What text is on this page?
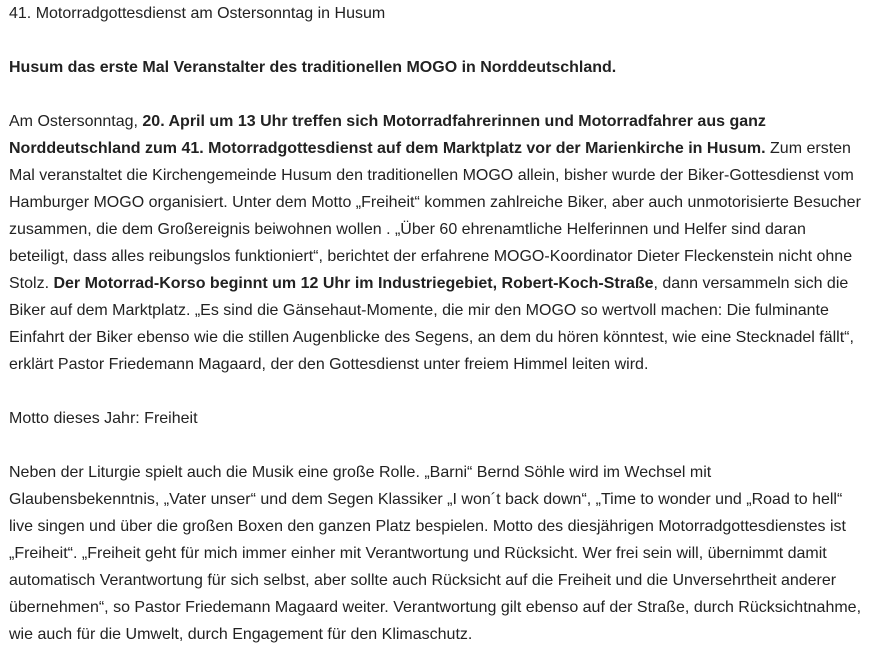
41. Motorradgottesdienst am Ostersonntag in Husum

Husum das erste Mal Veranstalter des traditionellen MOGO in Norddeutschland.

Am Ostersonntag, 20. April um 13 Uhr treffen sich Motorradfahrerinnen und Motorradfahrer aus ganz Norddeutschland zum 41. Motorradgottesdienst auf dem Marktplatz vor der Marienkirche in Husum. Zum ersten Mal veranstaltet die Kirchengemeinde Husum den traditionellen MOGO allein, bisher wurde der Biker-Gottesdienst vom Hamburger MOGO organisiert. Unter dem Motto „Freiheit“ kommen zahlreiche Biker, aber auch unmotorisierte Besucher zusammen, die dem Großereignis beiwohnen wollen . „Über 60 ehrenamtliche Helferinnen und Helfer sind daran beteiligt, dass alles reibungslos funktioniert“, berichtet der erfahrene MOGO-Koordinator Dieter Fleckenstein nicht ohne Stolz. Der Motorrad-Korso beginnt um 12 Uhr im Industriegebiet, Robert-Koch-Straße, dann versammeln sich die Biker auf dem Marktplatz. „Es sind die Gänsehaut-Momente, die mir den MOGO so wertvoll machen: Die fulminante Einfahrt der Biker ebenso wie die stillen Augenblicke des Segens, an dem du hören könntest, wie eine Stecknadel fällt“, erklärt Pastor Friedemann Magaard, der den Gottesdienst unter freiem Himmel leiten wird.

Motto dieses Jahr: Freiheit

Neben der Liturgie spielt auch die Musik eine große Rolle. „Barni“ Bernd Söhle wird im Wechsel mit Glaubensbekenntnis, „Vater unser“ und dem Segen Klassiker „I won´t back down“, „Time to wonder und „Road to hell“ live singen und über die großen Boxen den ganzen Platz bespielen. Motto des diesjährigen Motorradgottesdienstes ist „Freiheit“. „Freiheit geht für mich immer einher mit Verantwortung und Rücksicht. Wer frei sein will, übernimmt damit automatisch Verantwortung für sich selbst, aber sollte auch Rücksicht auf die Freiheit und die Unversehrtheit anderer übernehmen“, so Pastor Friedemann Magaard weiter. Verantwortung gilt ebenso auf der Straße, durch Rücksichtnahme, wie auch für die Umwelt, durch Engagement für den Klimaschutz.
